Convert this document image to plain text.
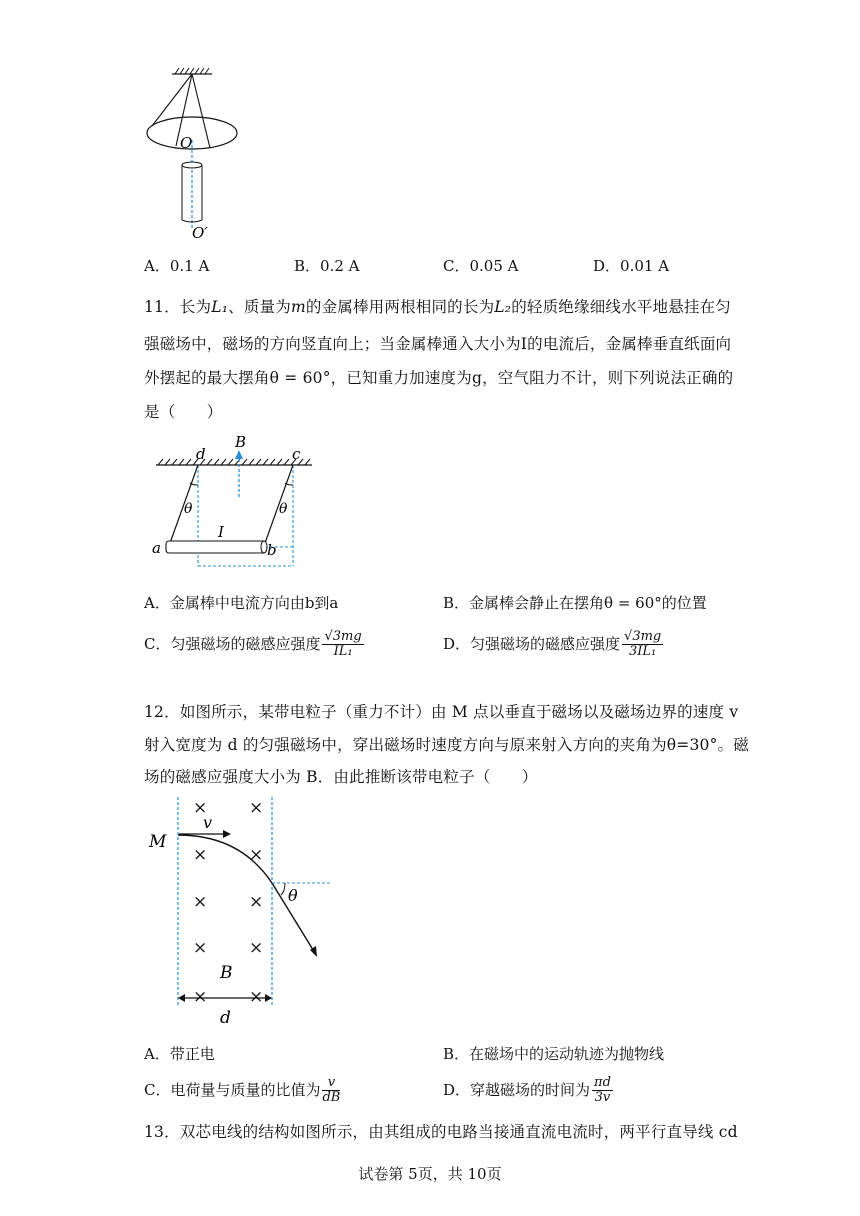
O
O′
A．0.1 A	B．0.2 A	C．0.05 A	D．0.01 A
11．长为L₁、质量为m的金属棒用两根相同的长为L₂的轻质绝缘细线水平地悬挂在匀
强磁场中，磁场的方向竖直向上；当金属棒通入大小为I的电流后，金属棒垂直纸面向
外摆起的最大摆角θ = 60°，已知重力加速度为g，空气阻力不计，则下列说法正确的
是（　　）
B
d	c
θ	θ
I
a	b
A．金属棒中电流方向由b到a	B．金属棒会静止在摆角θ = 60°的位置
C．匀强磁场的磁感应强度 $\frac{√3mg}{\text{IL₁}}$	D．匀强磁场的磁感应强度 $\frac{√3mg}{\text{3IL₁}}$
12．如图所示，某带电粒子（重力不计）由 M 点以垂直于磁场以及磁场边界的速度 v
射入宽度为 d 的匀强磁场中，穿出磁场时速度方向与原来射入方向的夹角为θ=30°。磁
场的磁感应强度大小为 B．由此推断该带电粒子（　　）
× ×
× ×
× ×
× ×
× ×
M
v
θ
B
d
A．带正电	B．在磁场中的运动轨迹为抛物线
C．电荷量与质量的比值为 $\frac{v}{dB}$	D．穿越磁场的时间为 $\frac{\pi d}{3v}$
13．双芯电线的结构如图所示，由其组成的电路当接通直流电流时，两平行直导线 cd
试卷第 5页，共 10页
